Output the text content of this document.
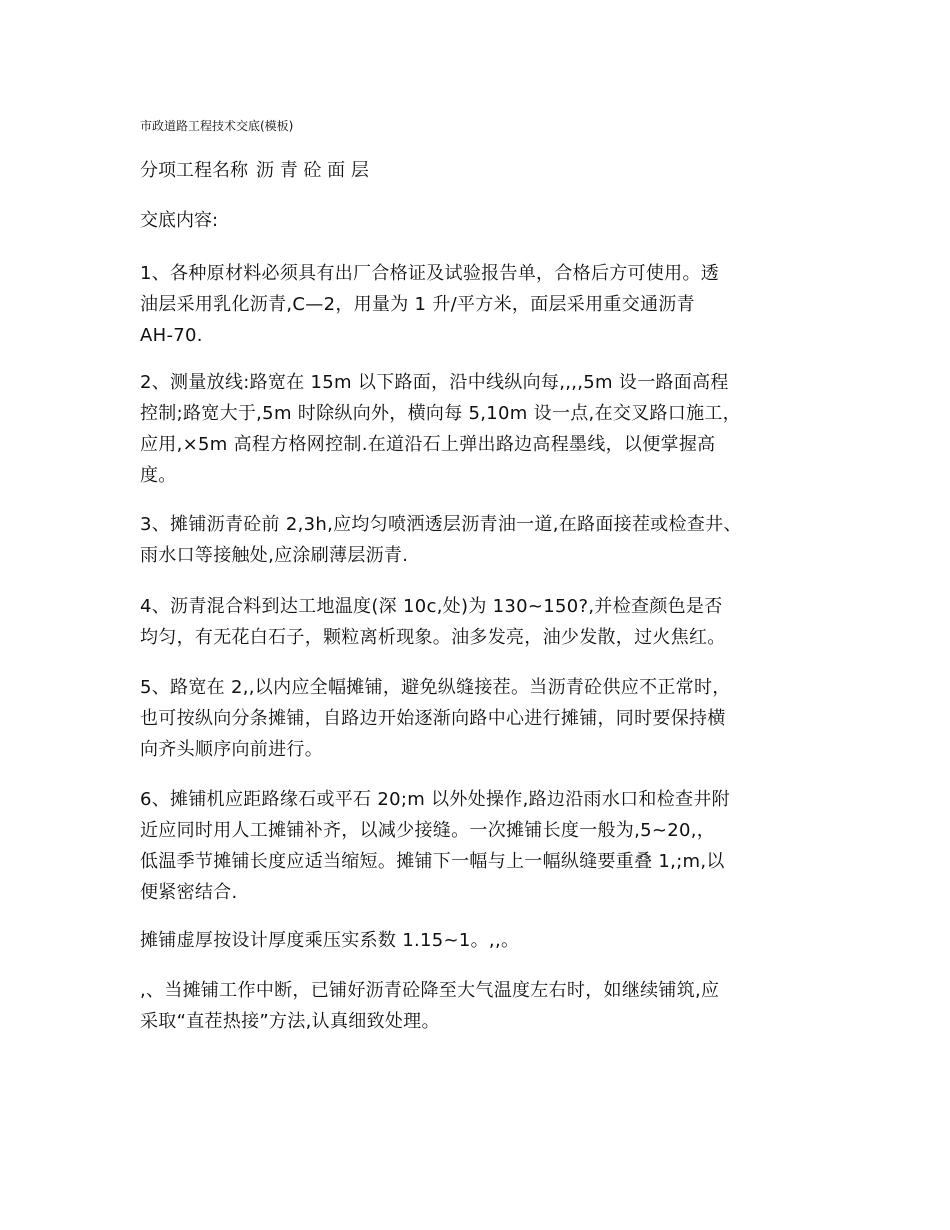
市政道路工程技术交底(模板)
分项工程名称 沥 青 砼 面 层
交底内容:
1、各种原材料必须具有出厂合格证及试验报告单，合格后方可使用。透
油层采用乳化沥青,C—2，用量为 1 升/平方米，面层采用重交通沥青
AH-70.
2、测量放线:路宽在 15m 以下路面，沿中线纵向每,,,,5m 设一路面高程
控制;路宽大于,5m 时除纵向外，横向每 5,10m 设一点,在交叉路口施工，
应用,×5m 高程方格网控制.在道沿石上弹出路边高程墨线，以便掌握高
度。
3、摊铺沥青砼前 2,3h,应均匀喷洒透层沥青油一道,在路面接茬或检查井、
雨水口等接触处,应涂刷薄层沥青.
4、沥青混合料到达工地温度(深 10c,处)为 130~150?,并检查颜色是否
均匀，有无花白石子，颗粒离析现象。油多发亮，油少发散，过火焦红。
5、路宽在 2,,以内应全幅摊铺，避免纵缝接茬。当沥青砼供应不正常时，
也可按纵向分条摊铺，自路边开始逐渐向路中心进行摊铺，同时要保持横
向齐头顺序向前进行。
6、摊铺机应距路缘石或平石 20;m 以外处操作,路边沿雨水口和检查井附
近应同时用人工摊铺补齐，以减少接缝。一次摊铺长度一般为,5~20,，
低温季节摊铺长度应适当缩短。摊铺下一幅与上一幅纵缝要重叠 1,;m,以
便紧密结合.
摊铺虚厚按设计厚度乘压实系数 1.15~1。,,。
,、当摊铺工作中断，已铺好沥青砼降至大气温度左右时，如继续铺筑,应
采取“直茬热接”方法,认真细致处理。
